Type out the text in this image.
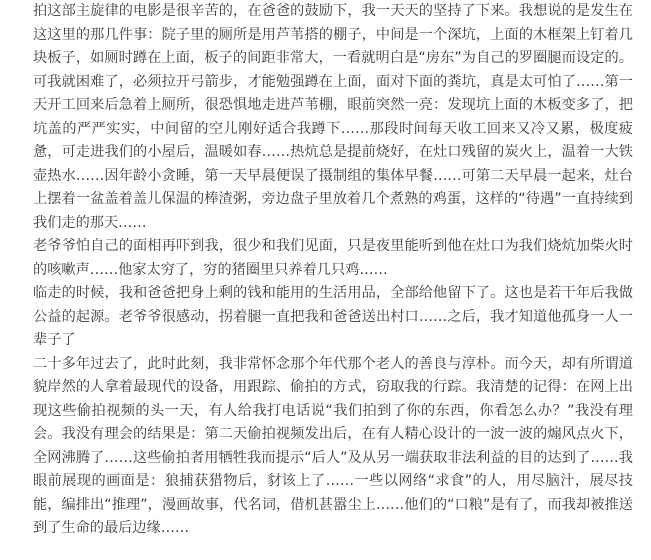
拍这部主旋律的电影是很辛苦的，在爸爸的鼓励下，我一天天的坚持了下来。我想说的是发生在这这里的那几件事：院子里的厕所是用芦苇搭的棚子，中间是一个深坑，上面的木框架上钉着几块板子，如厕时蹲在上面，板子的间距非常大，一看就明白是“房东”为自己的罗圈腿而设定的。可我就困难了，必须拉开弓箭步，才能勉强蹲在上面，面对下面的粪坑，真是太可怕了……第一天开工回来后急着上厕所，很恐惧地走进芦苇棚，眼前突然一亮：发现坑上面的木板变多了，把坑盖的严严实实，中间留的空儿刚好适合我蹲下……那段时间每天收工回来又冷又累，极度疲惫，可走进我们的小屋后，温暖如春……热炕总是提前烧好，在灶口残留的炭火上，温着一大铁壶热水……因年龄小贪睡，第一天早晨便误了摄制组的集体早餐……可第二天早晨一起来，灶台上摆着一盆盖着盖儿保温的棒渣粥，旁边盘子里放着几个煮熟的鸡蛋，这样的“待遇”一直持续到我们走的那天……

老爷爷怕自己的面相再吓到我，很少和我们见面，只是夜里能听到他在灶口为我们烧炕加柴火时的咳嗽声……他家太穷了，穷的猪圈里只养着几只鸡……

临走的时候，我和爸爸把身上剩的钱和能用的生活用品，全部给他留下了。这也是若干年后我做公益的起源。老爷爷很感动，拐着腿一直把我和爸爸送出村口……之后，我才知道他孤身一人一辈子了

二十多年过去了，此时此刻，我非常怀念那个年代那个老人的善良与淳朴。而今天，却有所谓道貌岸然的人拿着最现代的设备，用跟踪、偷拍的方式，窃取我的行踪。我清楚的记得：在网上出现这些偷拍视频的头一天，有人给我打电话说“我们拍到了你的东西，你看怎么办？”我没有理会。我没有理会的结果是：第二天偷拍视频发出后，在有人精心设计的一波一波的煽风点火下，全网沸腾了……这些偷拍者用牺牲我而提示“后人”及从另一端获取非法利益的目的达到了……我眼前展现的画面是：狼捕获猎物后，豺该上了……一些以网络“求食”的人，用尽脑汁，展尽技能，编排出“推理”，漫画故事，代名词，借机甚嚣尘上……他们的“口粮”是有了，而我却被推送到了生命的最后边缘……
